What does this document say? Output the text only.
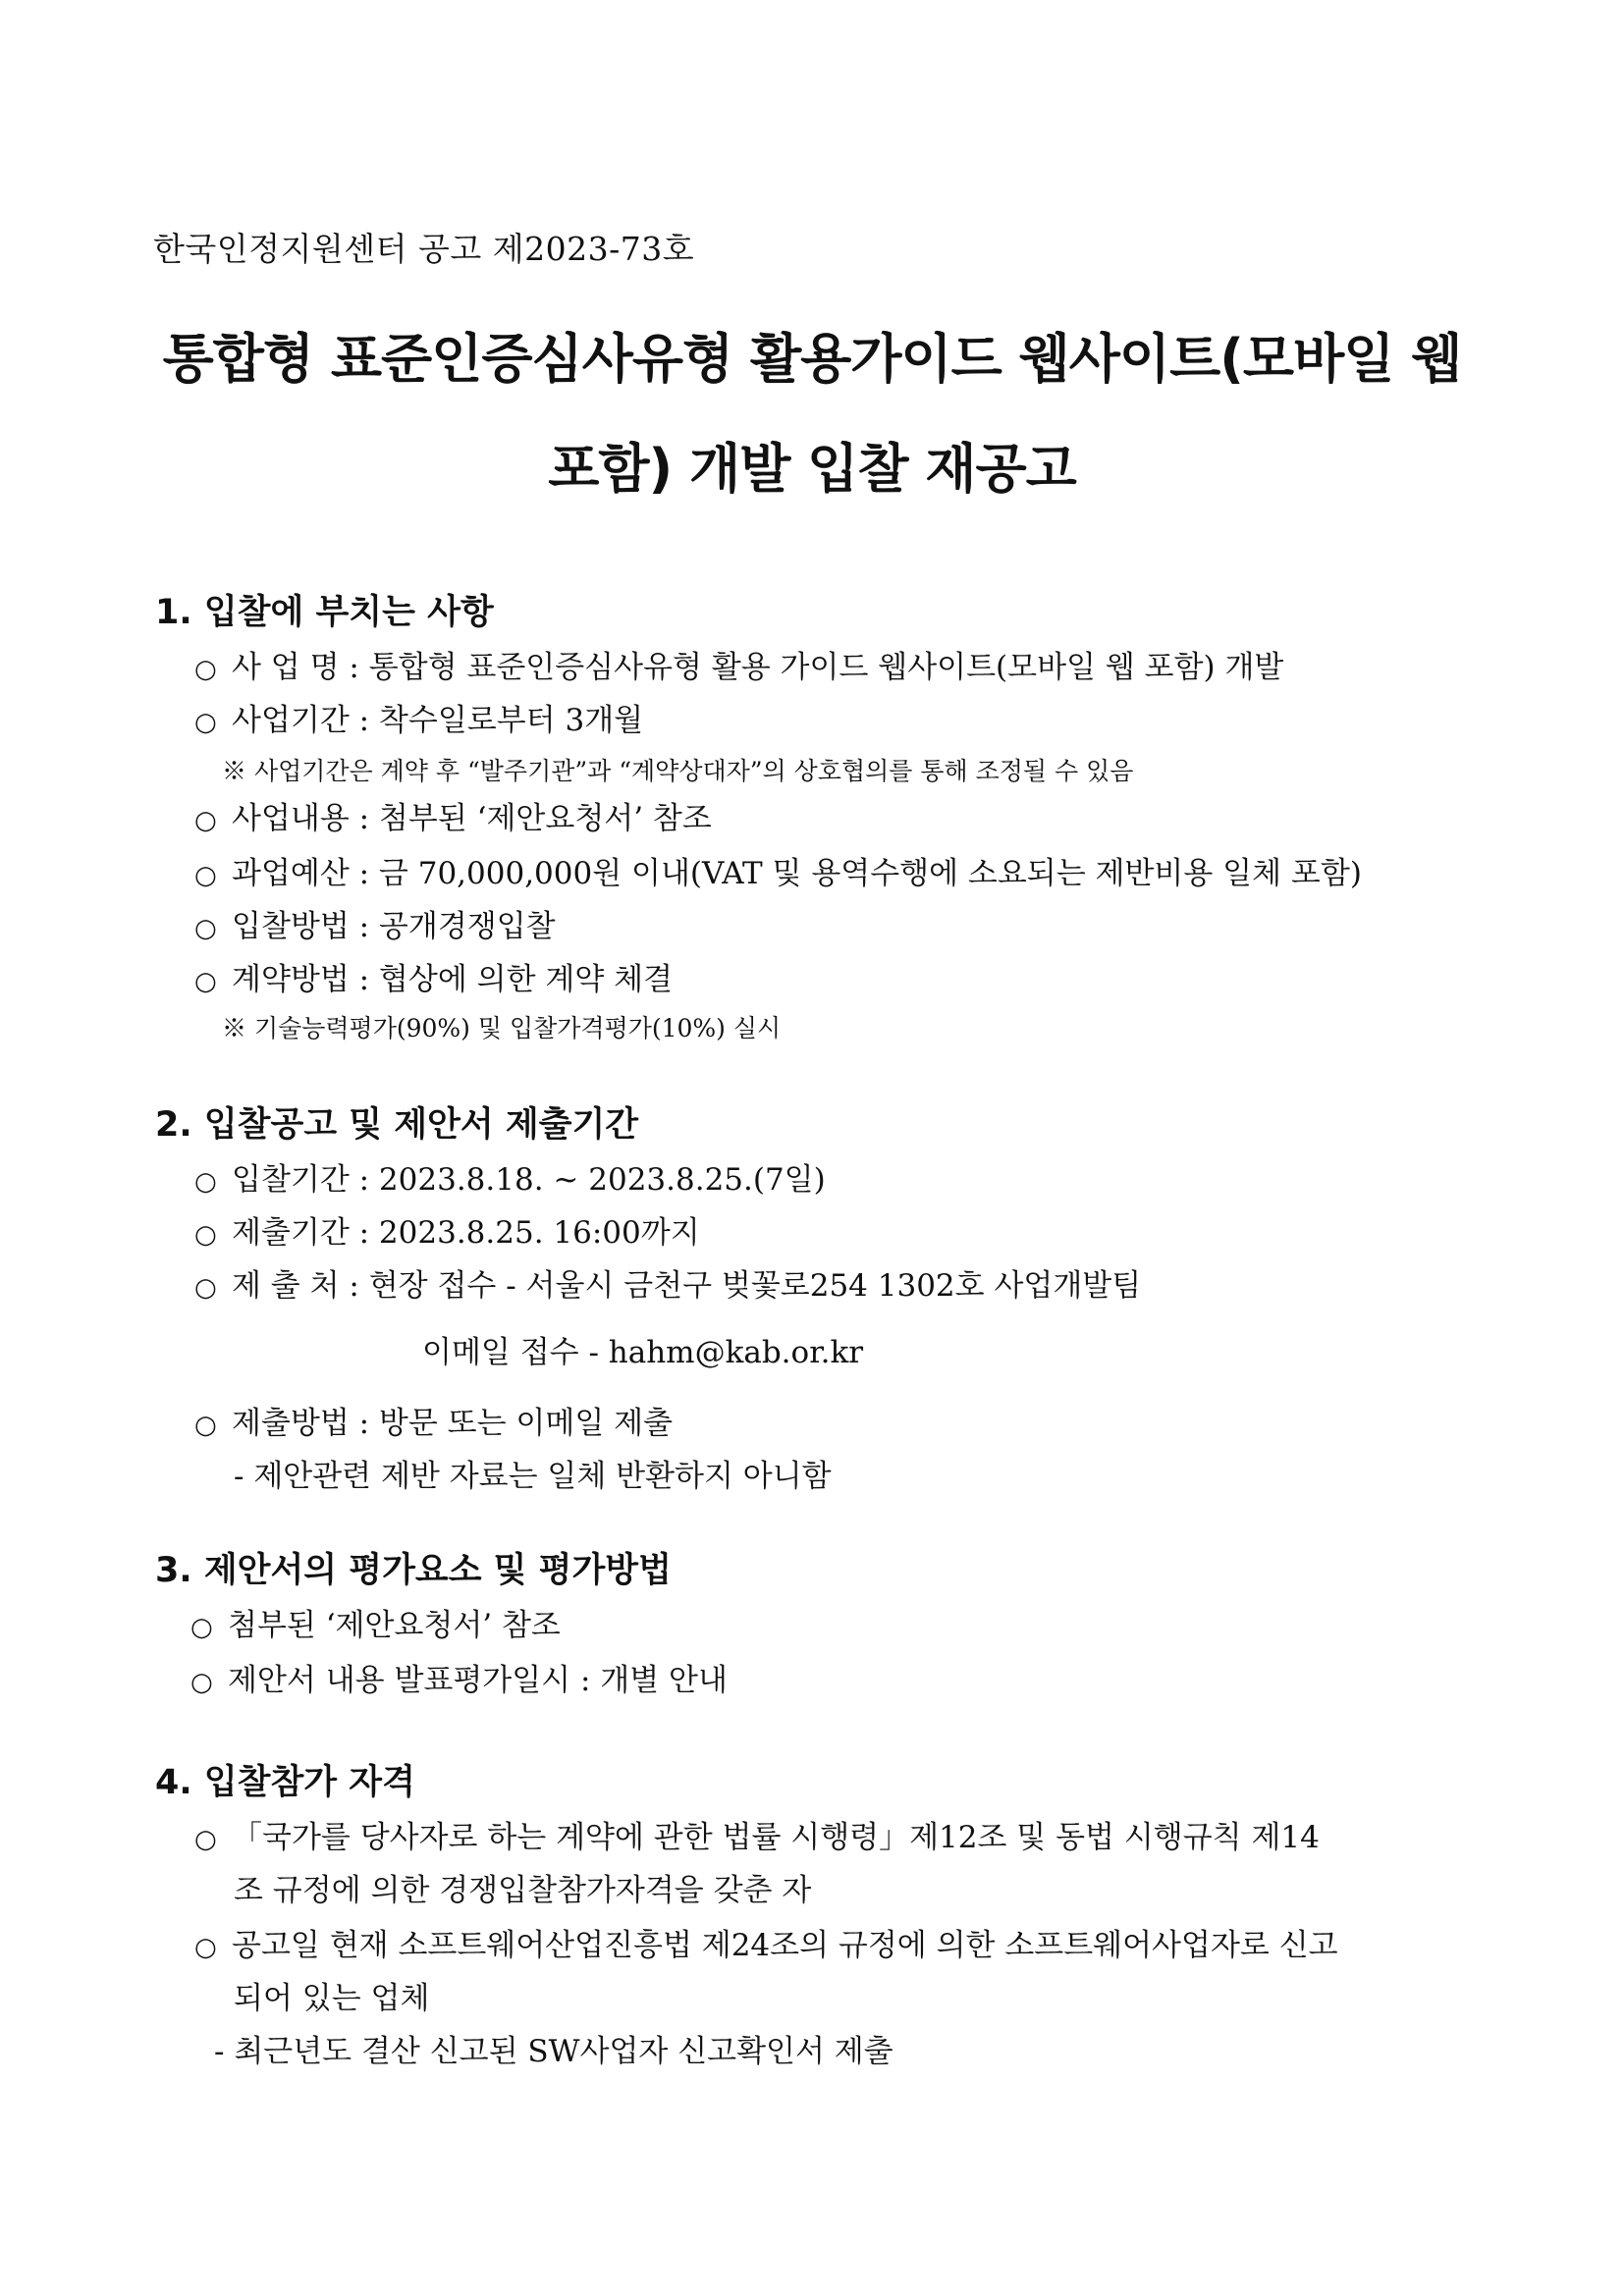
한국인정지원센터 공고 제2023-73호
통합형 표준인증심사유형 활용가이드 웹사이트(모바일 웹
포함) 개발 입찰 재공고
1. 입찰에 부치는 사항
○ 사 업 명 : 통합형 표준인증심사유형 활용 가이드 웹사이트(모바일 웹 포함) 개발
○ 사업기간 : 착수일로부터 3개월
※ 사업기간은 계약 후 “발주기관”과 “계약상대자”의 상호협의를 통해 조정될 수 있음
○ 사업내용 : 첨부된 ‘제안요청서’ 참조
○ 과업예산 : 금 70,000,000원 이내(VAT 및 용역수행에 소요되는 제반비용 일체 포함)
○ 입찰방법 : 공개경쟁입찰
○ 계약방법 : 협상에 의한 계약 체결
※ 기술능력평가(90%) 및 입찰가격평가(10%) 실시
2. 입찰공고 및 제안서 제출기간
○ 입찰기간 : 2023.8.18. ~ 2023.8.25.(7일)
○ 제출기간 : 2023.8.25. 16:00까지
○ 제 출 처 : 현장 접수 - 서울시 금천구 벚꽃로254 1302호 사업개발팀
이메일 접수 - hahm@kab.or.kr
○ 제출방법 : 방문 또는 이메일 제출
- 제안관련 제반 자료는 일체 반환하지 아니함
3. 제안서의 평가요소 및 평가방법
○ 첨부된 ‘제안요청서’ 참조
○ 제안서 내용 발표평가일시 : 개별 안내
4. 입찰참가 자격
○ 「국가를 당사자로 하는 계약에 관한 법률 시행령」제12조 및 동법 시행규칙 제14
조 규정에 의한 경쟁입찰참가자격을 갖춘 자
○ 공고일 현재 소프트웨어산업진흥법 제24조의 규정에 의한 소프트웨어사업자로 신고
되어 있는 업체
- 최근년도 결산 신고된 SW사업자 신고확인서 제출
